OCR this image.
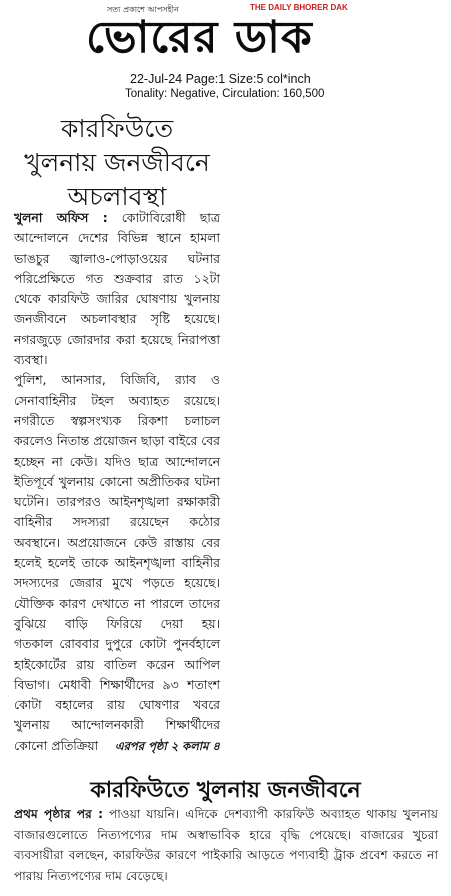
সত্য প্রকাশে আপসহীন	THE DAILY BHORER DAK
ভোরের ডাক
22-Jul-24 Page:1 Size:5 col*inch
Tonality: Negative, Circulation: 160,500
কারফিউতে
খুলনায় জনজীবনে
অচলাবস্থা

খুলনা অফিস : কোটাবিরোধী ছাত্র আন্দোলনে দেশের বিভিন্ন স্থানে হামলা ভাঙচুর জ্বালাও-পোড়াওয়ের ঘটনার পরিপ্রেক্ষিতে গত শুক্রবার রাত ১২টা থেকে কারফিউ জারির ঘোষণায় খুলনায় জনজীবনে অচলাবস্থার সৃষ্টি হয়েছে। নগরজুড়ে জোরদার করা হয়েছে নিরাপত্তা ব্যবস্থা।

পুলিশ, আনসার, বিজিবি, র‌্যাব ও সেনাবাহিনীর টহল অব্যাহত রয়েছে। নগরীতে স্বল্পসংখ্যক রিকশা চলাচল করলেও নিতান্ত প্রয়োজন ছাড়া বাইরে বের হচ্ছেন না কেউ। যদিও ছাত্র আন্দোলনে ইতিপূর্বে খুলনায় কোনো অপ্রীতিকর ঘটনা ঘটেনি। তারপরও আইনশৃঙ্খলা রক্ষাকারী বাহিনীর সদস্যরা রয়েছেন কঠোর অবস্থানে। অপ্রয়োজনে কেউ রাস্তায় বের হলেই হলেই তাকে আইনশৃঙ্খলা বাহিনীর সদস্যদের জেরার মুখে পড়তে হয়েছে। যৌক্তিক কারণ দেখাতে না পারলে তাদের বুঝিয়ে বাড়ি ফিরিয়ে দেয়া হয়।

গতকাল রোববার দুপুরে কোটা পুনর্বহালে হাইকোর্টের রায় বাতিল করেন আপিল বিভাগ। মেধাবী শিক্ষার্থীদের ৯৩ শতাংশ কোটা বহালের রায় ঘোষণার খবরে খুলনায় আন্দোলনকারী শিক্ষার্থীদের কোনো প্রতিক্রিয়া এরপর পৃষ্ঠা ২ কলাম ৪

কারফিউতে খুলনায় জনজীবনে

প্রথম পৃষ্ঠার পর : পাওয়া যায়নি। এদিকে দেশব্যাপী কারফিউ অব্যাহত থাকায় খুলনায় বাজারগুলোতে নিত্যপণ্যের দাম অস্বাভাবিক হারে বৃদ্ধি পেয়েছে। বাজারের খুচরা ব্যবসায়ীরা বলছেন, কারফিউর কারণে পাইকারি আড়তে পণ্যবাহী ট্রাক প্রবেশ করতে না পারায় নিত্যপণ্যের দাম বেড়েছে।
